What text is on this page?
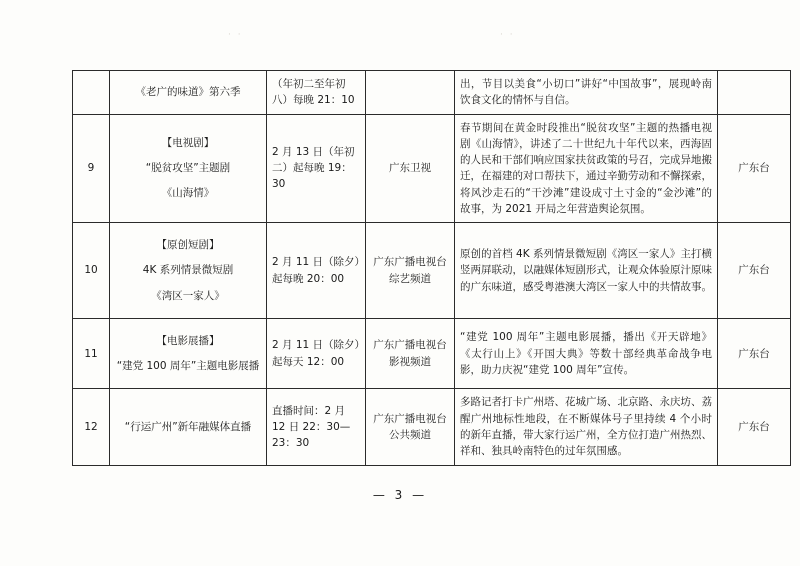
· ·	· ·

	《老广的味道》第六季	（年初二至年初八）每晚 21：10		出，节目以美食“小切口”讲好“中国故事”，展现岭南饮食文化的情怀与自信。	
9	【电视剧】
“脱贫攻坚”主题剧
《山海情》	2 月 13 日（年初二）起每晚 19：30	广东卫视	春节期间在黄金时段推出“脱贫攻坚”主题的热播电视剧《山海情》，讲述了二十世纪九十年代以来，西海固的人民和干部们响应国家扶贫政策的号召，完成异地搬迁，在福建的对口帮扶下，通过辛勤劳动和不懈探索，将风沙走石的“干沙滩”建设成寸土寸金的“金沙滩”的故事，为 2021 开局之年营造舆论氛围。	广东台
10	【原创短剧】
4K 系列情景微短剧
《湾区一家人》	2 月 11 日（除夕）起每晚 20：00	广东广播电视台综艺频道	原创的首档 4K 系列情景微短剧《湾区一家人》主打横竖两屏联动，以融媒体短剧形式，让观众体验原汁原味的广东味道，感受粤港澳大湾区一家人中的共情故事。	广东台
11	【电影展播】
“建党 100 周年”主题电影展播	2 月 11 日（除夕）起每天 12：00	广东广播电视台影视频道	“建党 100 周年”主题电影展播，播出《开天辟地》《太行山上》《开国大典》等数十部经典革命战争电影，助力庆祝“建党 100 周年”宣传。	广东台
12	“行运广州”新年融媒体直播	直播时间：2 月 12 日 22：30—23：30	广东广播电视台公共频道	多路记者打卡广州塔、花城广场、北京路、永庆坊、荔醒广州地标性地段，在不断媒体号子里持续 4 个小时的新年直播，带大家行运广州，全方位打造广州热烈、祥和、独具岭南特色的过年氛围感。	广东台
— 3 —
